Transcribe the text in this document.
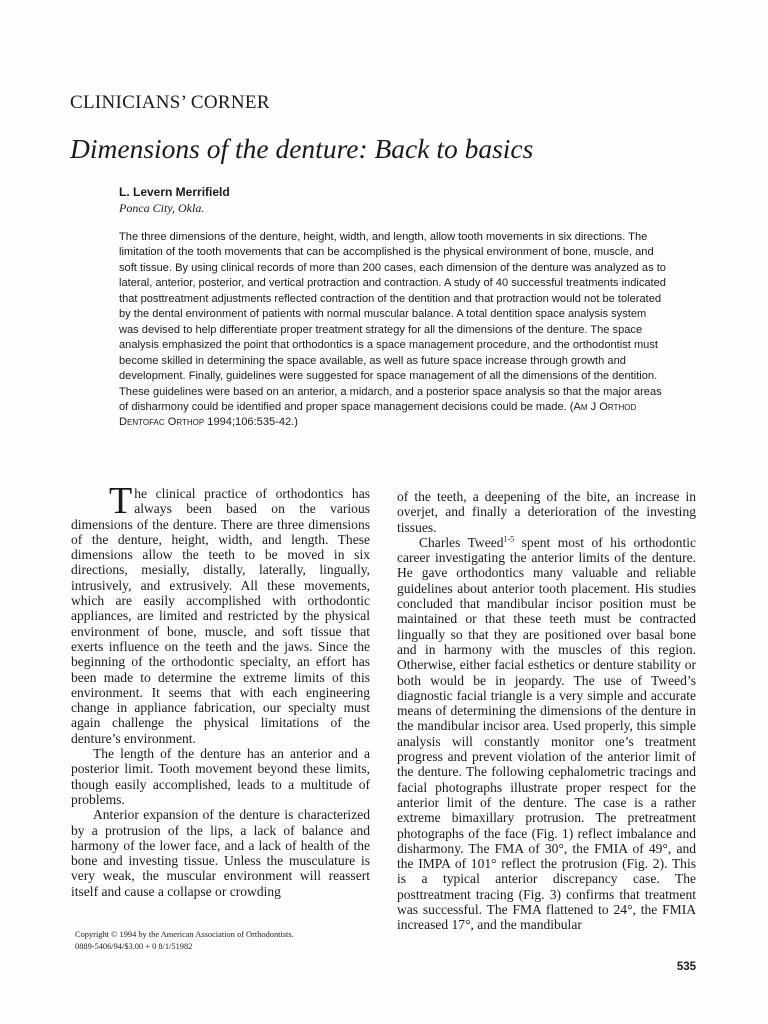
CLINICIANS’ CORNER
Dimensions of the denture: Back to basics
L. Levern Merrifield
Ponca City, Okla.

The three dimensions of the denture, height, width, and length, allow tooth movements in six directions. The limitation of the tooth movements that can be accomplished is the physical environment of bone, muscle, and soft tissue. By using clinical records of more than 200 cases, each dimension of the denture was analyzed as to lateral, anterior, posterior, and vertical protraction and contraction. A study of 40 successful treatments indicated that posttreatment adjustments reflected contraction of the dentition and that protraction would not be tolerated by the dental environment of patients with normal muscular balance. A total dentition space analysis system was devised to help differentiate proper treatment strategy for all the dimensions of the denture. The space analysis emphasized the point that orthodontics is a space management procedure, and the orthodontist must become skilled in determining the space available, as well as future space increase through growth and development. Finally, guidelines were suggested for space management of all the dimensions of the dentition. These guidelines were based on an anterior, a midarch, and a posterior space analysis so that the major areas of disharmony could be identified and proper space management decisions could be made. (Am J Orthod Dentofac Orthop 1994;106:535-42.)

The clinical practice of orthodontics has always been based on the various dimensions of the denture. There are three dimensions of the denture, height, width, and length. These dimensions allow the teeth to be moved in six directions, mesially, distally, laterally, lingually, intrusively, and extrusively. All these movements, which are easily accomplished with orthodontic appliances, are limited and restricted by the physical environment of bone, muscle, and soft tissue that exerts influence on the teeth and the jaws. Since the beginning of the orthodontic specialty, an effort has been made to determine the extreme limits of this environment. It seems that with each engineering change in appliance fabrication, our specialty must again challenge the physical limitations of the denture’s environment.

The length of the denture has an anterior and a posterior limit. Tooth movement beyond these limits, though easily accomplished, leads to a multitude of problems.

Anterior expansion of the denture is characterized by a protrusion of the lips, a lack of balance and harmony of the lower face, and a lack of health of the bone and investing tissue. Unless the musculature is very weak, the muscular environment will reassert itself and cause a collapse or crowding

of the teeth, a deepening of the bite, an increase in overjet, and finally a deterioration of the investing tissues.

Charles Tweed$^{1-5}$ spent most of his orthodontic career investigating the anterior limits of the denture. He gave orthodontics many valuable and reliable guidelines about anterior tooth placement. His studies concluded that mandibular incisor position must be maintained or that these teeth must be contracted lingually so that they are positioned over basal bone and in harmony with the muscles of this region. Otherwise, either facial esthetics or denture stability or both would be in jeopardy. The use of Tweed’s diagnostic facial triangle is a very simple and accurate means of determining the dimensions of the denture in the mandibular incisor area. Used properly, this simple analysis will constantly monitor one’s treatment progress and prevent violation of the anterior limit of the denture. The following cephalometric tracings and facial photographs illustrate proper respect for the anterior limit of the denture. The case is a rather extreme bimaxillary protrusion. The pretreatment photographs of the face (Fig. 1) reflect imbalance and disharmony. The FMA of 30°, the FMIA of 49°, and the IMPA of 101° reflect the protrusion (Fig. 2). This is a typical anterior discrepancy case. The posttreatment tracing (Fig. 3) confirms that treatment was successful. The FMA flattened to 24°, the FMIA increased 17°, and the mandibular

Copyright © 1994 by the American Association of Orthodontists.
0889-5406/94/$3.00 + 0 8/1/51982

535
